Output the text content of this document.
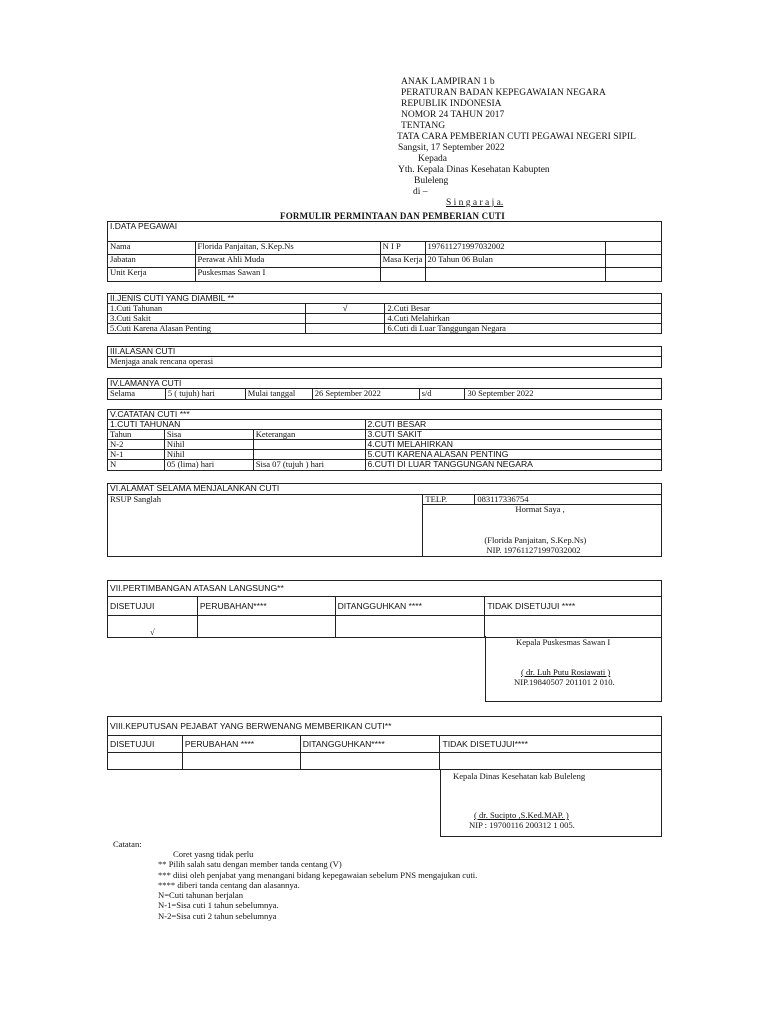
ANAK LAMPIRAN 1 b
PERATURAN BADAN KEPEGAWAIAN NEGARA
REPUBLIK INDONESIA
NOMOR 24 TAHUN 2017
TENTANG
TATA CARA PEMBERIAN CUTI PEGAWAI NEGERI SIPIL
Sangsit, 17 September 2022
Kepada
Yth. Kepala Dinas Kesehatan Kabupten
Buleleng
di –
S i n g a r a j a.
FORMULIR PERMINTAAN DAN PEMBERIAN CUTI
I.DATA PEGAWAI
Nama	Florida Panjaitan, S.Kep.Ns	N I P	197611271997032002	
Jabatan	Perawat Ahli Muda	Masa Kerja	20 Tahun 06 Bulan	
Unit Kerja	Puskesmas Sawan I			
II.JENIS CUTI YANG DIAMBIL **		
1.Cuti Tahunan	√	2.Cuti Besar
3.Cuti Sakit		4.Cuti Melahirkan
5.Cuti Karena Alasan Penting		6.Cuti di Luar Tanggungan Negara
III.ALASAN CUTI
Menjaga anak rencana operasi
IV.LAMANYA CUTI
Selama	5 ( tujuh) hari	Mulai tanggal	26 September 2022	s/d	30 September 2022
V.CATATAN CUTI ***			
1.CUTI TAHUNAN			2.CUTI BESAR
Tahun	Sisa	Keterangan	3.CUTI SAKIT
N-2	Nihil		4.CUTI MELAHIRKAN
N-1	Nihil		5.CUTI KARENA ALASAN PENTING
N	05 (lima) hari	Sisa 07 (tujuh ) hari	6.CUTI DI LUAR TANGGUNGAN NEGARA
VI.ALAMAT SELAMA MENJALANKAN CUTI
RSUP Sanglah	TELP.	083117336754

Hormat Saya ,
(Florida Panjaitan, S.Kep.Ns)
NIP. 197611271997032002
VII.PERTIMBANGAN ATASAN LANGSUNG**			
DISETUJUI	PERUBAHAN****	DITANGGUHKAN ****	TIDAK DISETUJUI ****
√			
Kepala Puskesmas Sawan I
( dr. Luh Putu Rosiawati )
NIP.19840507 201101 2 010.
VIII.KEPUTUSAN PEJABAT YANG BERWENANG MEMBERIKAN CUTI**			
DISETUJUI	PERUBAHAN ****	DITANGGUHKAN****	TIDAK DISETUJUI****

Kepala Dinas Kesehatan kab Buleleng
( dr. Sucipto ,S.Ked.MAP. )
NIP : 19700116 200312 1 005.
Catatan:
Coret yasng tidak perlu
** Pilih salah satu dengan member tanda centang (V)
*** diisi oleh penjabat yang menangani bidang kepegawaian sebelum PNS mengajukan cuti.
**** diberi tanda centang dan alasannya.
N=Cuti tahunan berjalan
N-1=Sisa cuti 1 tahun sebelumnya.
N-2=Sisa cuti 2 tahun sebelumnya
